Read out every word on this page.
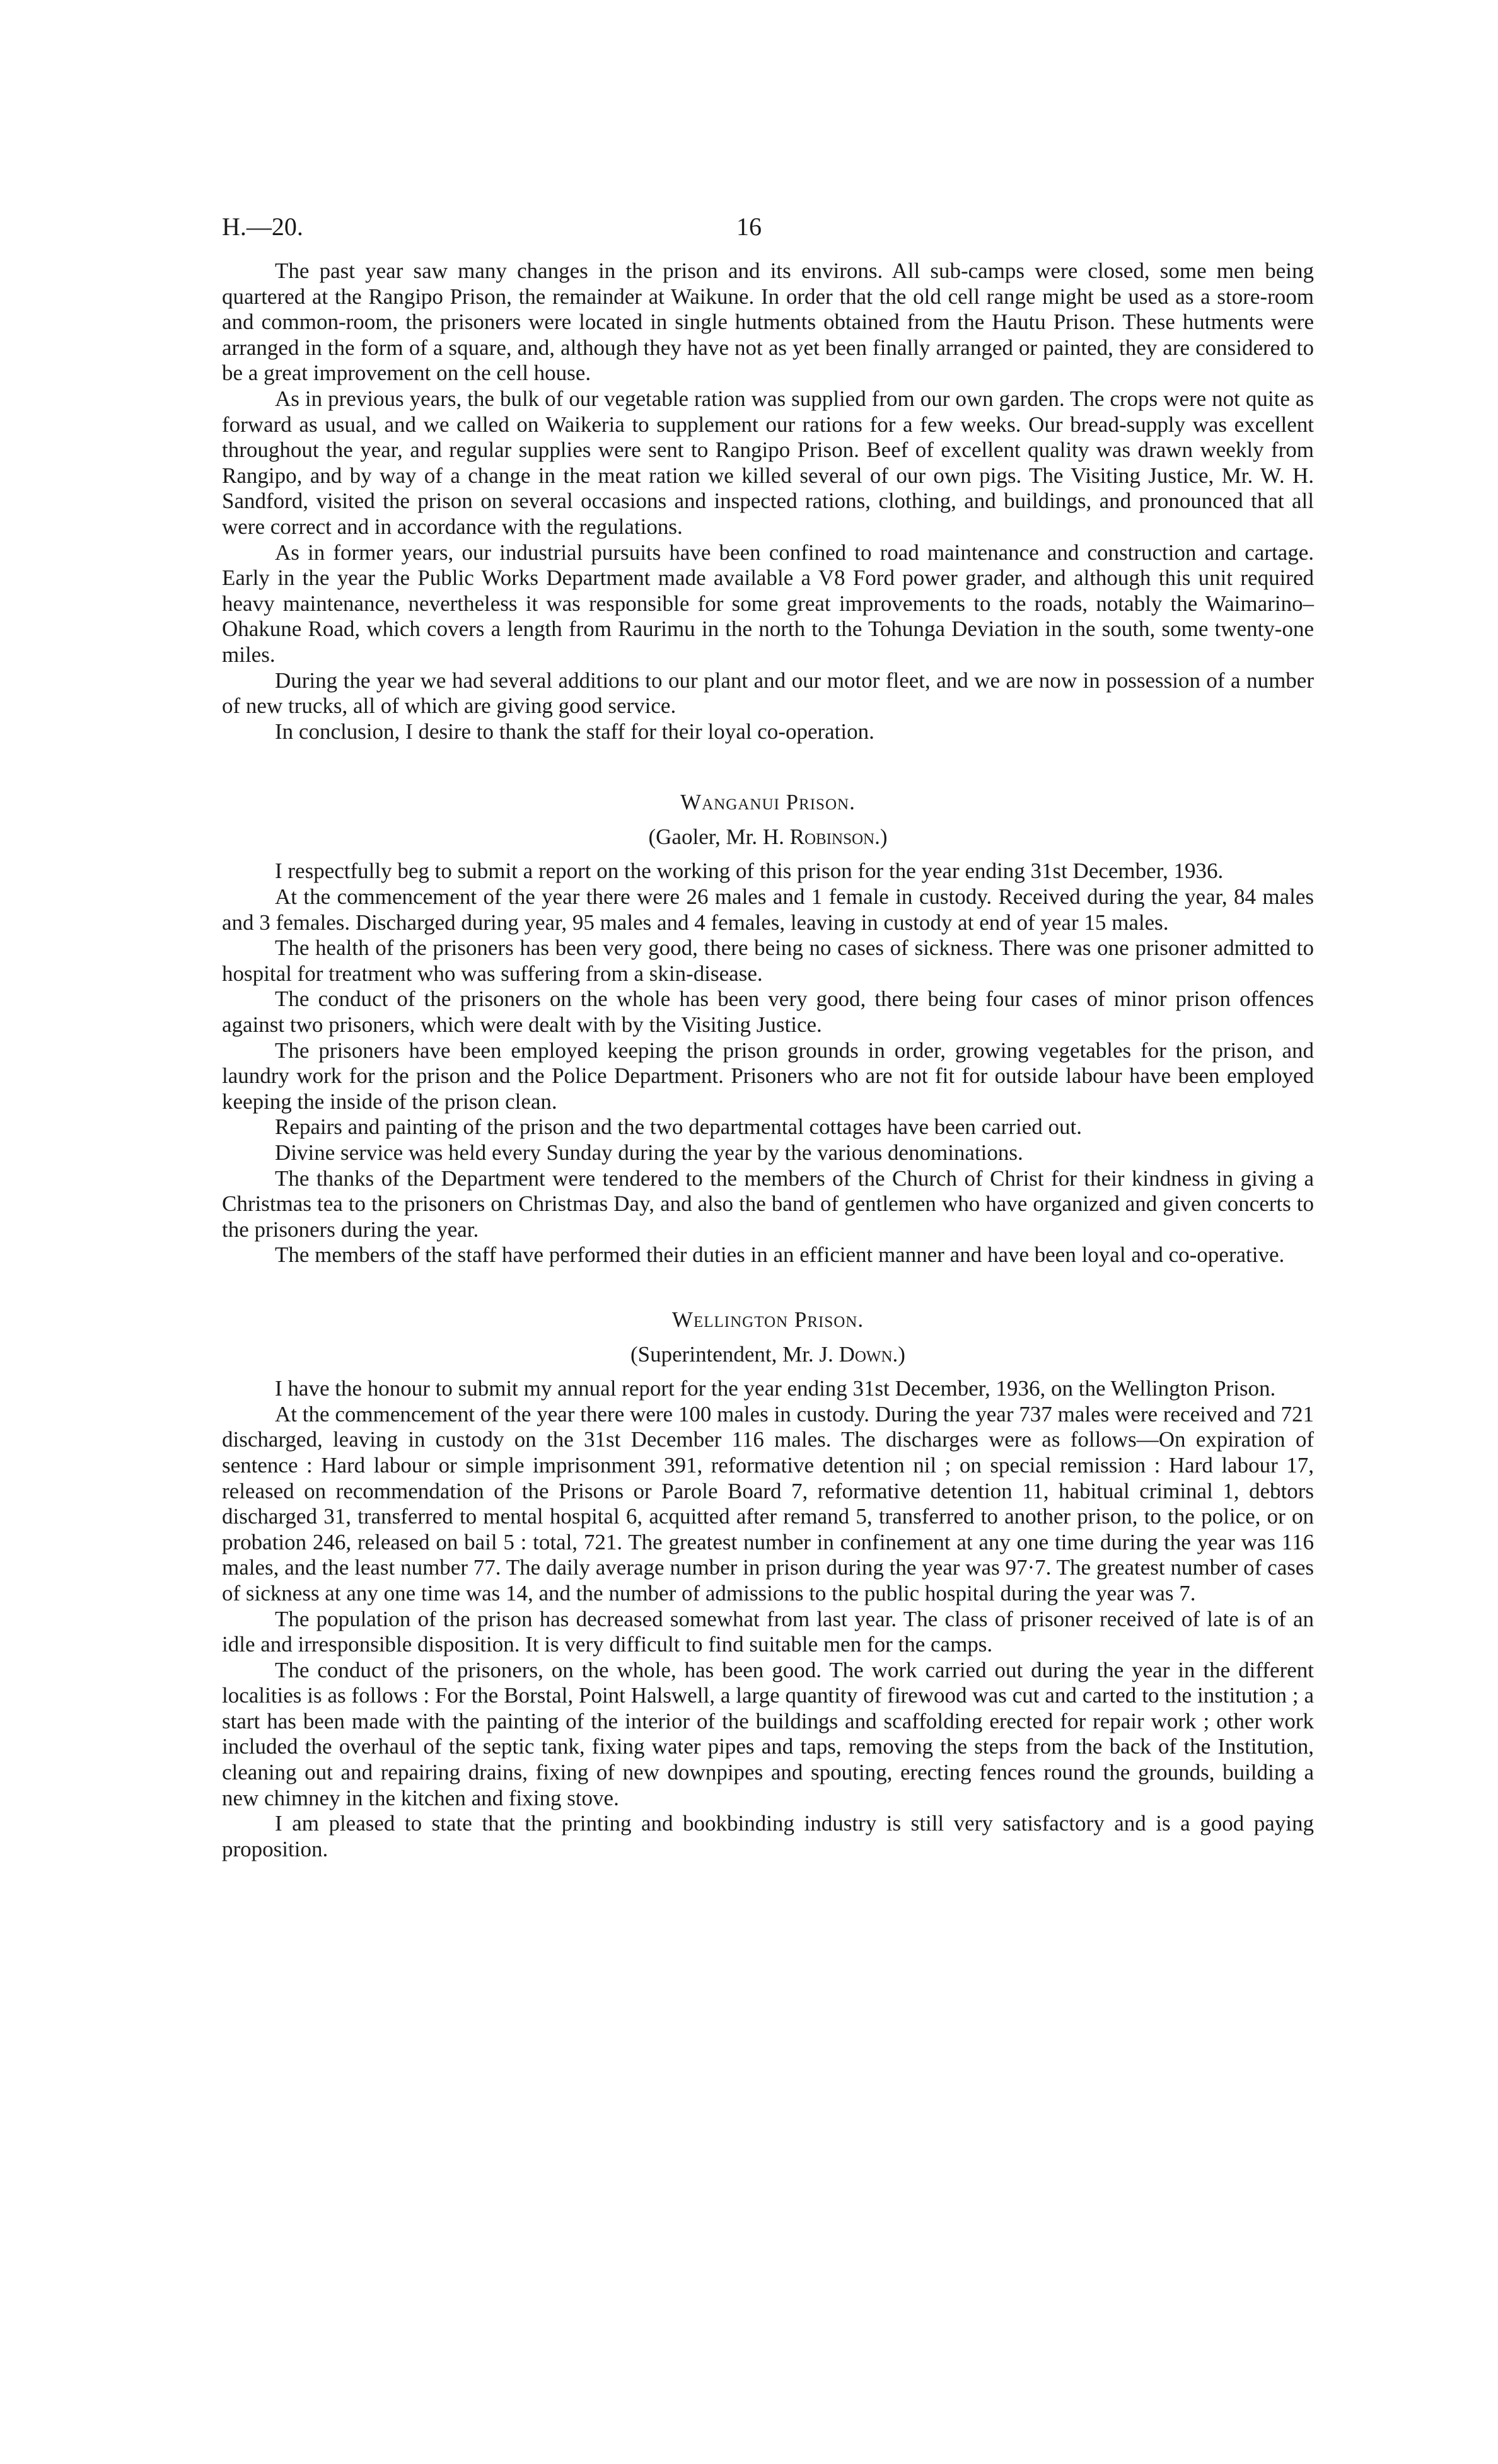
H.—20.	16

The past year saw many changes in the prison and its environs. All sub-camps were closed, some men being quartered at the Rangipo Prison, the remainder at Waikune. In order that the old cell range might be used as a store-room and common-room, the prisoners were located in single hutments obtained from the Hautu Prison. These hutments were arranged in the form of a square, and, although they have not as yet been finally arranged or painted, they are considered to be a great improvement on the cell house.

As in previous years, the bulk of our vegetable ration was supplied from our own garden. The crops were not quite as forward as usual, and we called on Waikeria to supplement our rations for a few weeks. Our bread-supply was excellent throughout the year, and regular supplies were sent to Rangipo Prison. Beef of excellent quality was drawn weekly from Rangipo, and by way of a change in the meat ration we killed several of our own pigs. The Visiting Justice, Mr. W. H. Sandford, visited the prison on several occasions and inspected rations, clothing, and buildings, and pronounced that all were correct and in accordance with the regulations.

As in former years, our industrial pursuits have been confined to road maintenance and construction and cartage. Early in the year the Public Works Department made available a V8 Ford power grader, and although this unit required heavy maintenance, nevertheless it was responsible for some great improvements to the roads, notably the Waimarino–Ohakune Road, which covers a length from Raurimu in the north to the Tohunga Deviation in the south, some twenty-one miles.

During the year we had several additions to our plant and our motor fleet, and we are now in possession of a number of new trucks, all of which are giving good service.

In conclusion, I desire to thank the staff for their loyal co-operation.

Wanganui Prison.

(Gaoler, Mr. H. Robinson.)

I respectfully beg to submit a report on the working of this prison for the year ending 31st December, 1936.

At the commencement of the year there were 26 males and 1 female in custody. Received during the year, 84 males and 3 females. Discharged during year, 95 males and 4 females, leaving in custody at end of year 15 males.

The health of the prisoners has been very good, there being no cases of sickness. There was one prisoner admitted to hospital for treatment who was suffering from a skin-disease.

The conduct of the prisoners on the whole has been very good, there being four cases of minor prison offences against two prisoners, which were dealt with by the Visiting Justice.

The prisoners have been employed keeping the prison grounds in order, growing vegetables for the prison, and laundry work for the prison and the Police Department. Prisoners who are not fit for outside labour have been employed keeping the inside of the prison clean.

Repairs and painting of the prison and the two departmental cottages have been carried out.

Divine service was held every Sunday during the year by the various denominations.

The thanks of the Department were tendered to the members of the Church of Christ for their kindness in giving a Christmas tea to the prisoners on Christmas Day, and also the band of gentlemen who have organized and given concerts to the prisoners during the year.

The members of the staff have performed their duties in an efficient manner and have been loyal and co-operative.

Wellington Prison.

(Superintendent, Mr. J. Down.)

I have the honour to submit my annual report for the year ending 31st December, 1936, on the Wellington Prison.

At the commencement of the year there were 100 males in custody. During the year 737 males were received and 721 discharged, leaving in custody on the 31st December 116 males. The discharges were as follows—On expiration of sentence : Hard labour or simple imprisonment 391, reformative detention nil ; on special remission : Hard labour 17, released on recommendation of the Prisons or Parole Board 7, reformative detention 11, habitual criminal 1, debtors discharged 31, transferred to mental hospital 6, acquitted after remand 5, transferred to another prison, to the police, or on probation 246, released on bail 5 : total, 721. The greatest number in confinement at any one time during the year was 116 males, and the least number 77. The daily average number in prison during the year was 97·7. The greatest number of cases of sickness at any one time was 14, and the number of admissions to the public hospital during the year was 7.

The population of the prison has decreased somewhat from last year. The class of prisoner received of late is of an idle and irresponsible disposition. It is very difficult to find suitable men for the camps.

The conduct of the prisoners, on the whole, has been good. The work carried out during the year in the different localities is as follows : For the Borstal, Point Halswell, a large quantity of firewood was cut and carted to the institution ; a start has been made with the painting of the interior of the buildings and scaffolding erected for repair work ; other work included the overhaul of the septic tank, fixing water pipes and taps, removing the steps from the back of the Institution, cleaning out and repairing drains, fixing of new downpipes and spouting, erecting fences round the grounds, building a new chimney in the kitchen and fixing stove.

I am pleased to state that the printing and bookbinding industry is still very satisfactory and is a good paying proposition.
